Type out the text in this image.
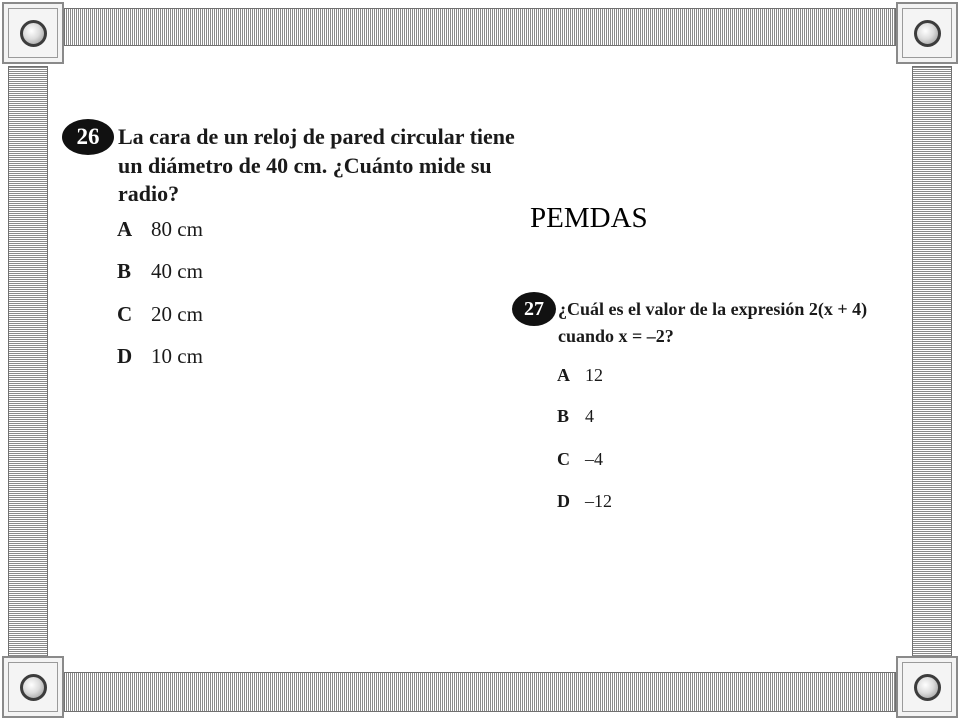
26 La cara de un reloj de pared circular tiene
un diámetro de 40 cm. ¿Cuánto mide su
radio?
A 80 cm
B 40 cm
C 20 cm
D 10 cm
PEMDAS
27 ¿Cuál es el valor de la expresión 2(x + 4)
cuando x = –2?
A 12
B 4
C –4
D –12
